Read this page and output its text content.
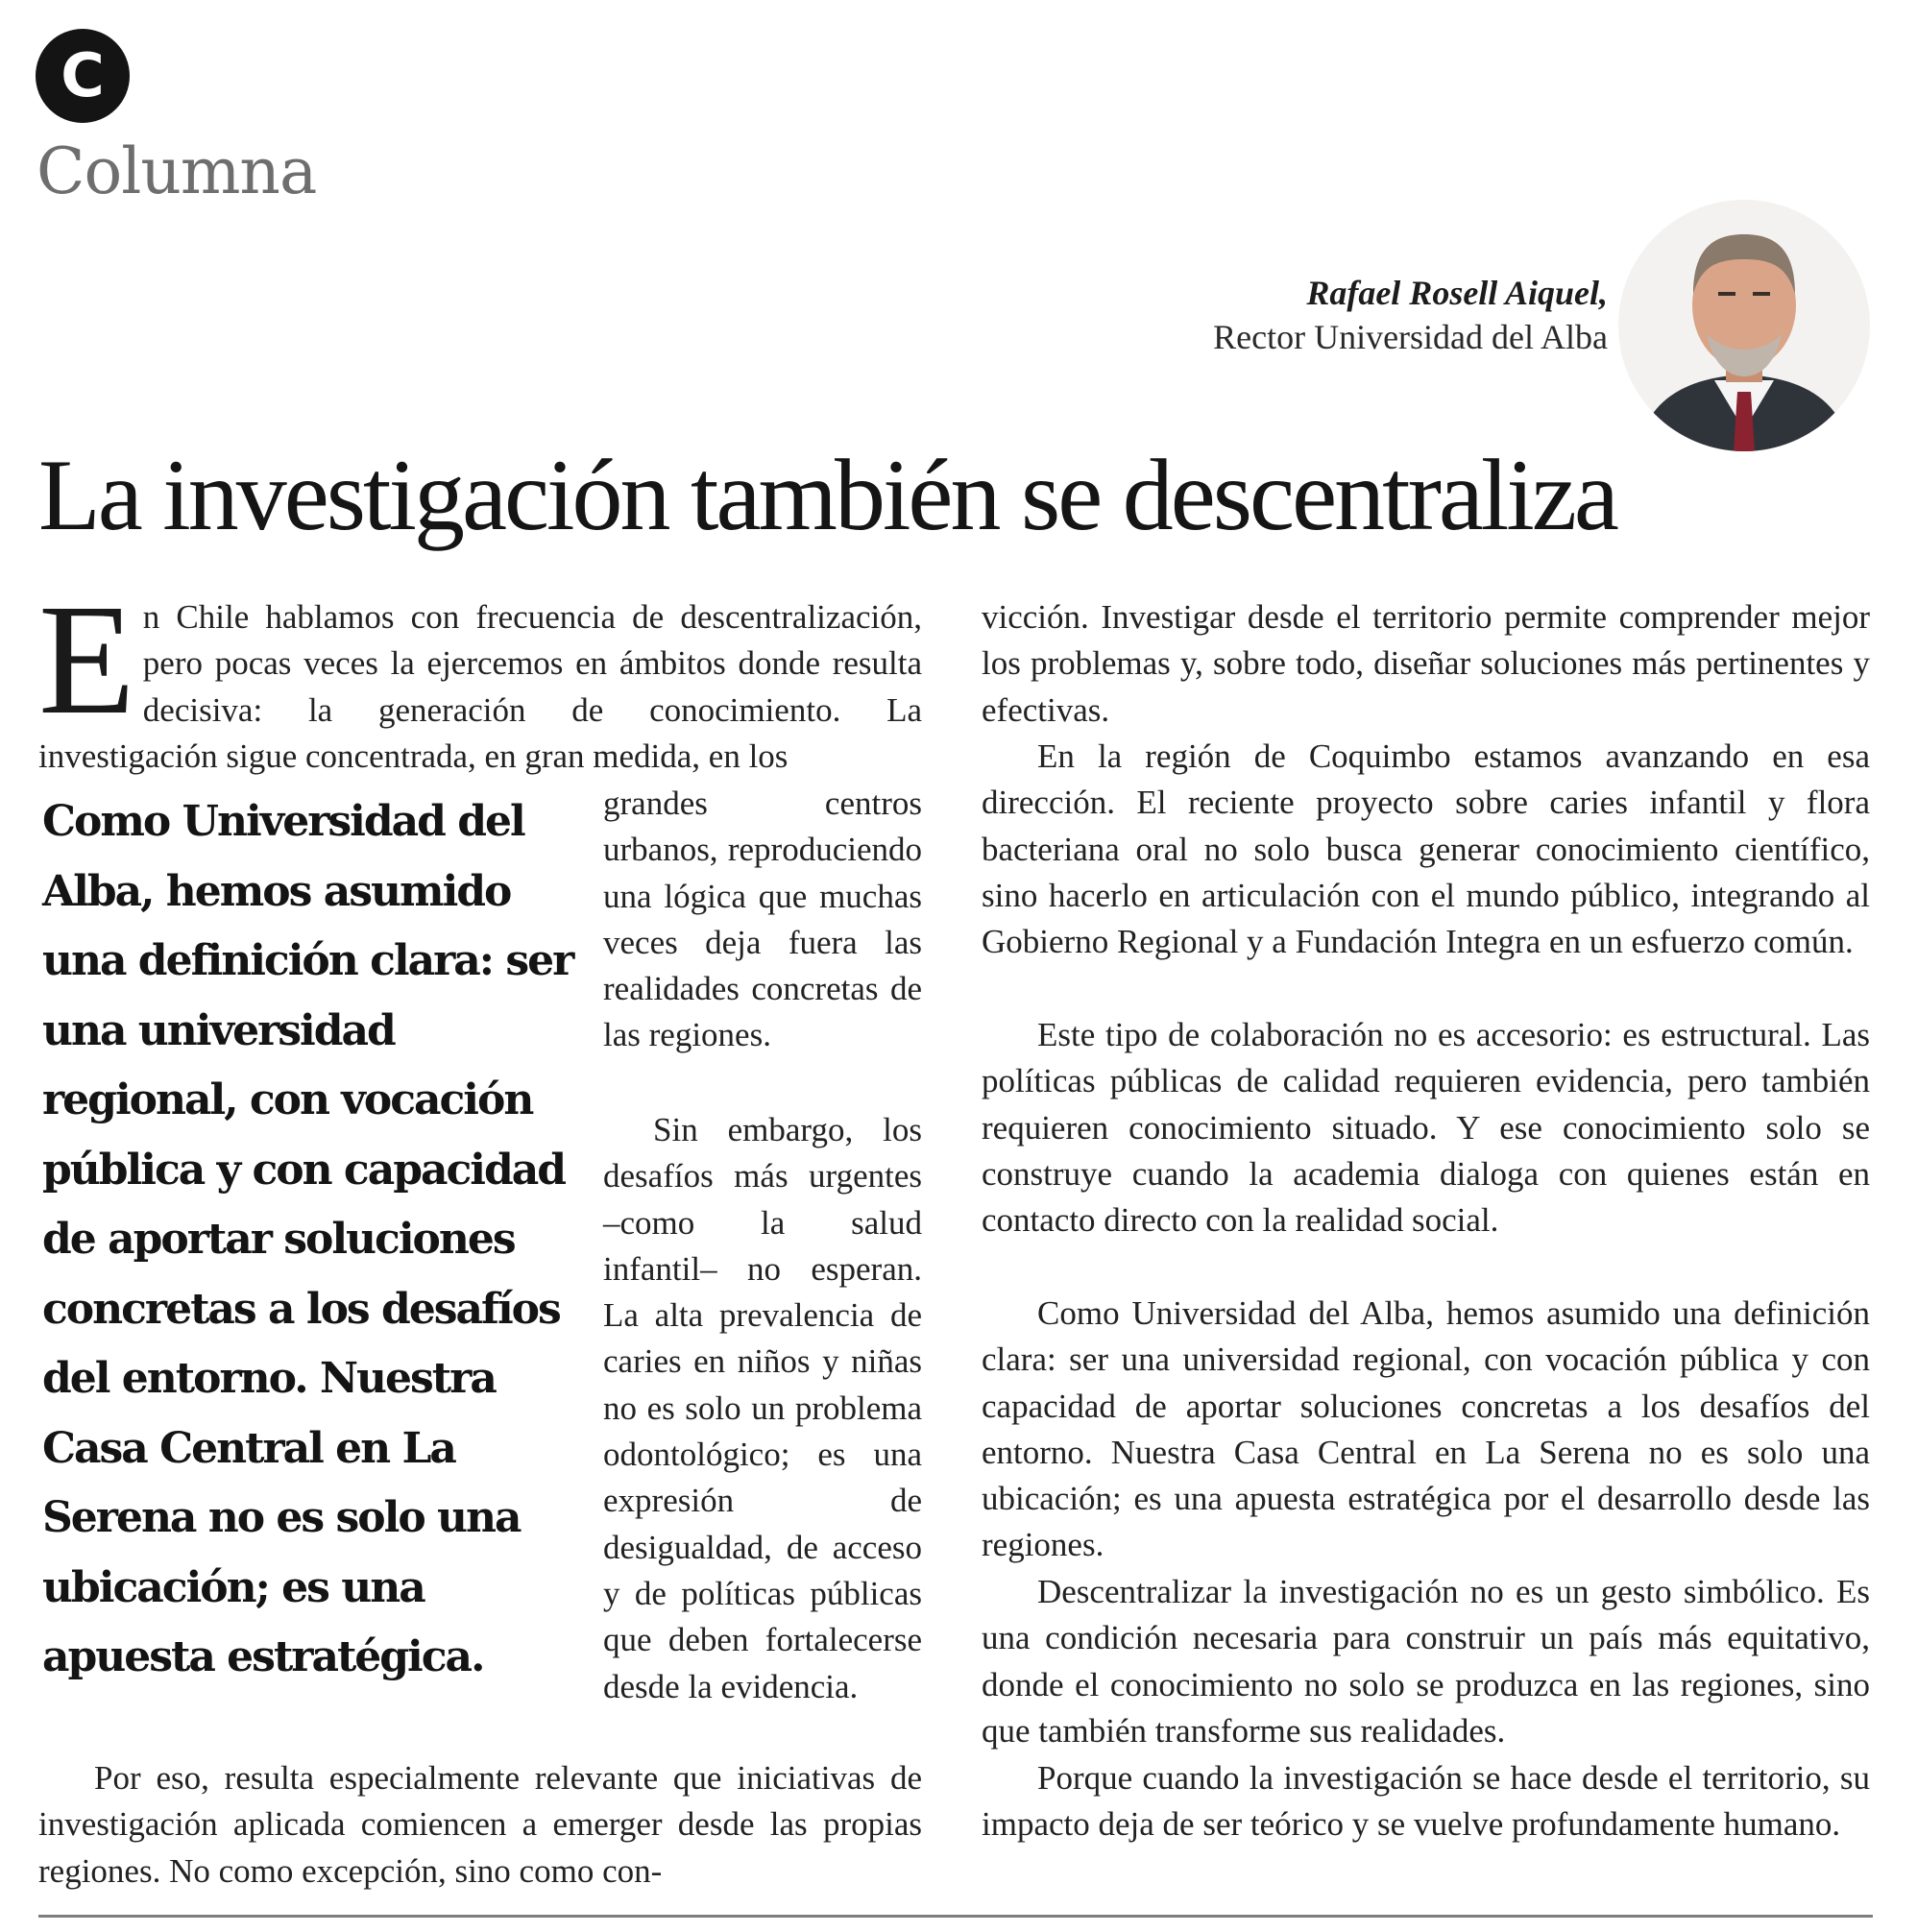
C
Columna
Rafael Rosell Aiquel,
Rector Universidad del Alba
La investigación también se descentraliza
En Chile hablamos con frecuencia de descentralización, pero pocas veces la ejercemos en ámbitos donde resulta decisiva: la generación de conocimiento. La investigación sigue concentrada, en gran medida, en los
Como Universidad del Alba, hemos asumido una definición clara: ser una universidad regional, con vocación pública y con capacidad de aportar soluciones concretas a los desafíos del entorno. Nuestra Casa Central en La Serena no es solo una ubicación; es una apuesta estratégica.
grandes centros urbanos, reproduciendo una lógica que muchas veces deja fuera las realidades concretas de las regiones.
Sin embargo, los desafíos más urgentes –como la salud infantil– no esperan. La alta prevalencia de caries en niños y niñas no es solo un problema odontológico; es una expresión de desigualdad, de acceso y de políticas públicas que deben fortalecerse desde la evidencia.
Por eso, resulta especialmente relevante que iniciativas de investigación aplicada comiencen a emerger desde las propias regiones. No como excepción, sino como con-
vicción. Investigar desde el territorio permite comprender mejor los problemas y, sobre todo, diseñar soluciones más pertinentes y efectivas.
En la región de Coquimbo estamos avanzando en esa dirección. El reciente proyecto sobre caries infantil y flora bacteriana oral no solo busca generar conocimiento científico, sino hacerlo en articulación con el mundo público, integrando al Gobierno Regional y a Fundación Integra en un esfuerzo común.
Este tipo de colaboración no es accesorio: es estructural. Las políticas públicas de calidad requieren evidencia, pero también requieren conocimiento situado. Y ese conocimiento solo se construye cuando la academia dialoga con quienes están en contacto directo con la realidad social.
Como Universidad del Alba, hemos asumido una definición clara: ser una universidad regional, con vocación pública y con capacidad de aportar soluciones concretas a los desafíos del entorno. Nuestra Casa Central en La Serena no es solo una ubicación; es una apuesta estratégica por el desarrollo desde las regiones.
Descentralizar la investigación no es un gesto simbólico. Es una condición necesaria para construir un país más equitativo, donde el conocimiento no solo se produzca en las regiones, sino que también transforme sus realidades.
Porque cuando la investigación se hace desde el territorio, su impacto deja de ser teórico y se vuelve profundamente humano.
